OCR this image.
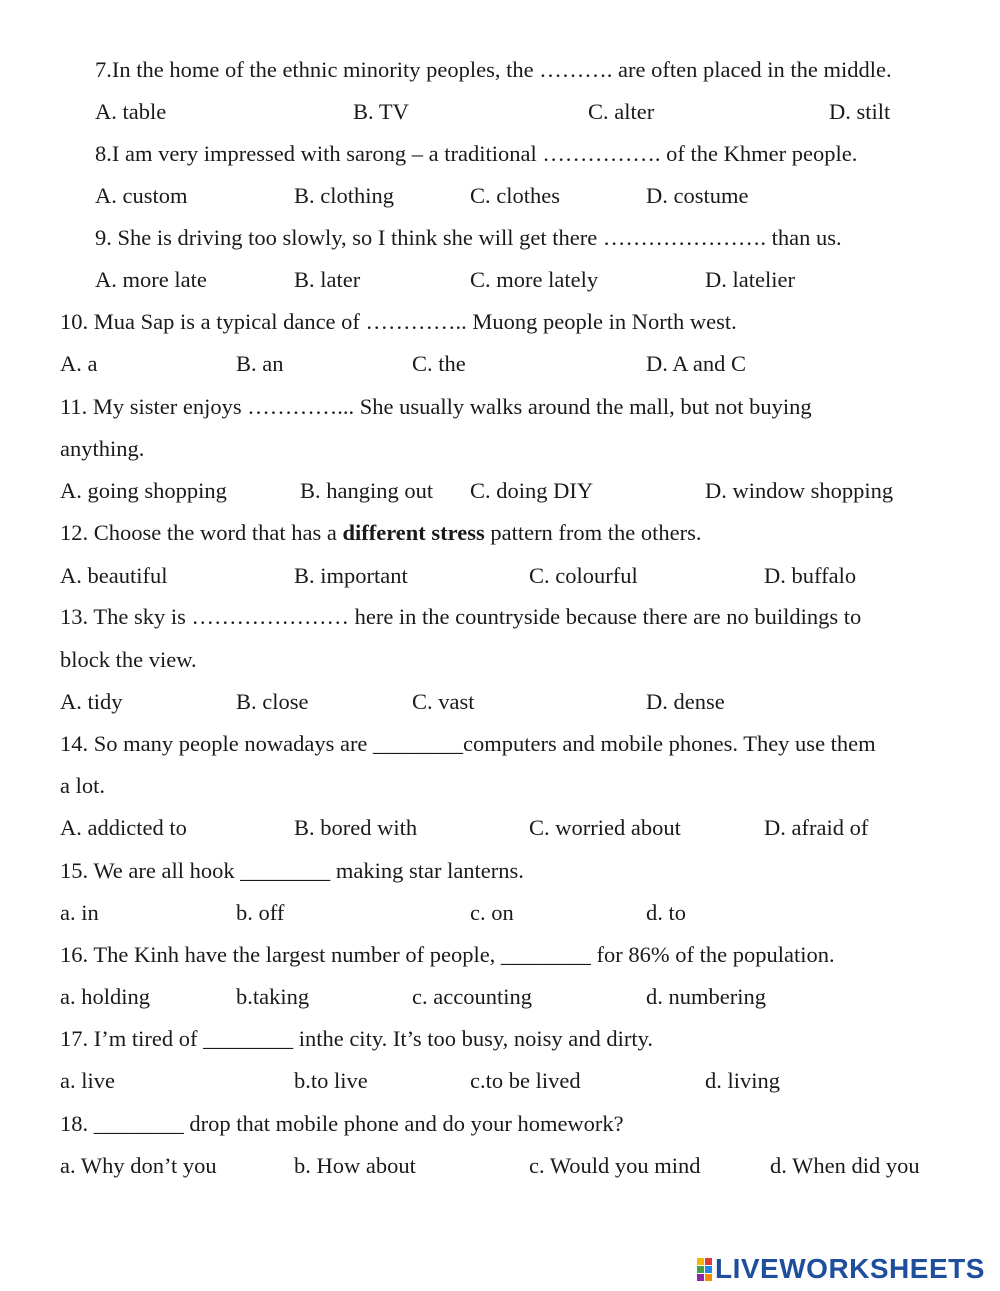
7.In the home of the ethnic minority peoples, the ………. are often placed in the middle.
A. table	B. TV	C. alter	D. stilt
8.I am very impressed with sarong – a traditional ……………. of the Khmer people.
A. custom	B. clothing	C. clothes	D. costume
9. She is driving too slowly, so I think she will get there …………………. than us.
A. more late	B. later	C. more lately	D. latelier
10. Mua Sap is a typical dance of ………….. Muong people in North west.
A. a	B. an	C. the	D. A and C
11. My sister enjoys …………... She usually walks around the mall, but not buying
anything.
A. going shopping	B. hanging out C. doing DIY	D. window shopping
12. Choose the word that has a different stress pattern from the others.
A. beautiful	B. important	C. colourful	D. buffalo
13. The sky is ………………… here in the countryside because there are no buildings to
block the view.
A. tidy	B. close	C. vast	D. dense
14. So many people nowadays are ________computers and mobile phones. They use them
a lot.
A. addicted to	B. bored with	C. worried about	D. afraid of
15. We are all hook ________ making star lanterns.
a. in	b. off	c. on	d. to
16. The Kinh have the largest number of people, ________ for 86% of the population.
a. holding	b.taking	c. accounting	d. numbering
17. I’m tired of ________ inthe city. It’s too busy, noisy and dirty.
a. live	b.to live	c.to be lived	d. living
18. ________ drop that mobile phone and do your homework?
a. Why don’t you	b. How about	c. Would you mind	d. When did you
LIVEWORKSHEETS
